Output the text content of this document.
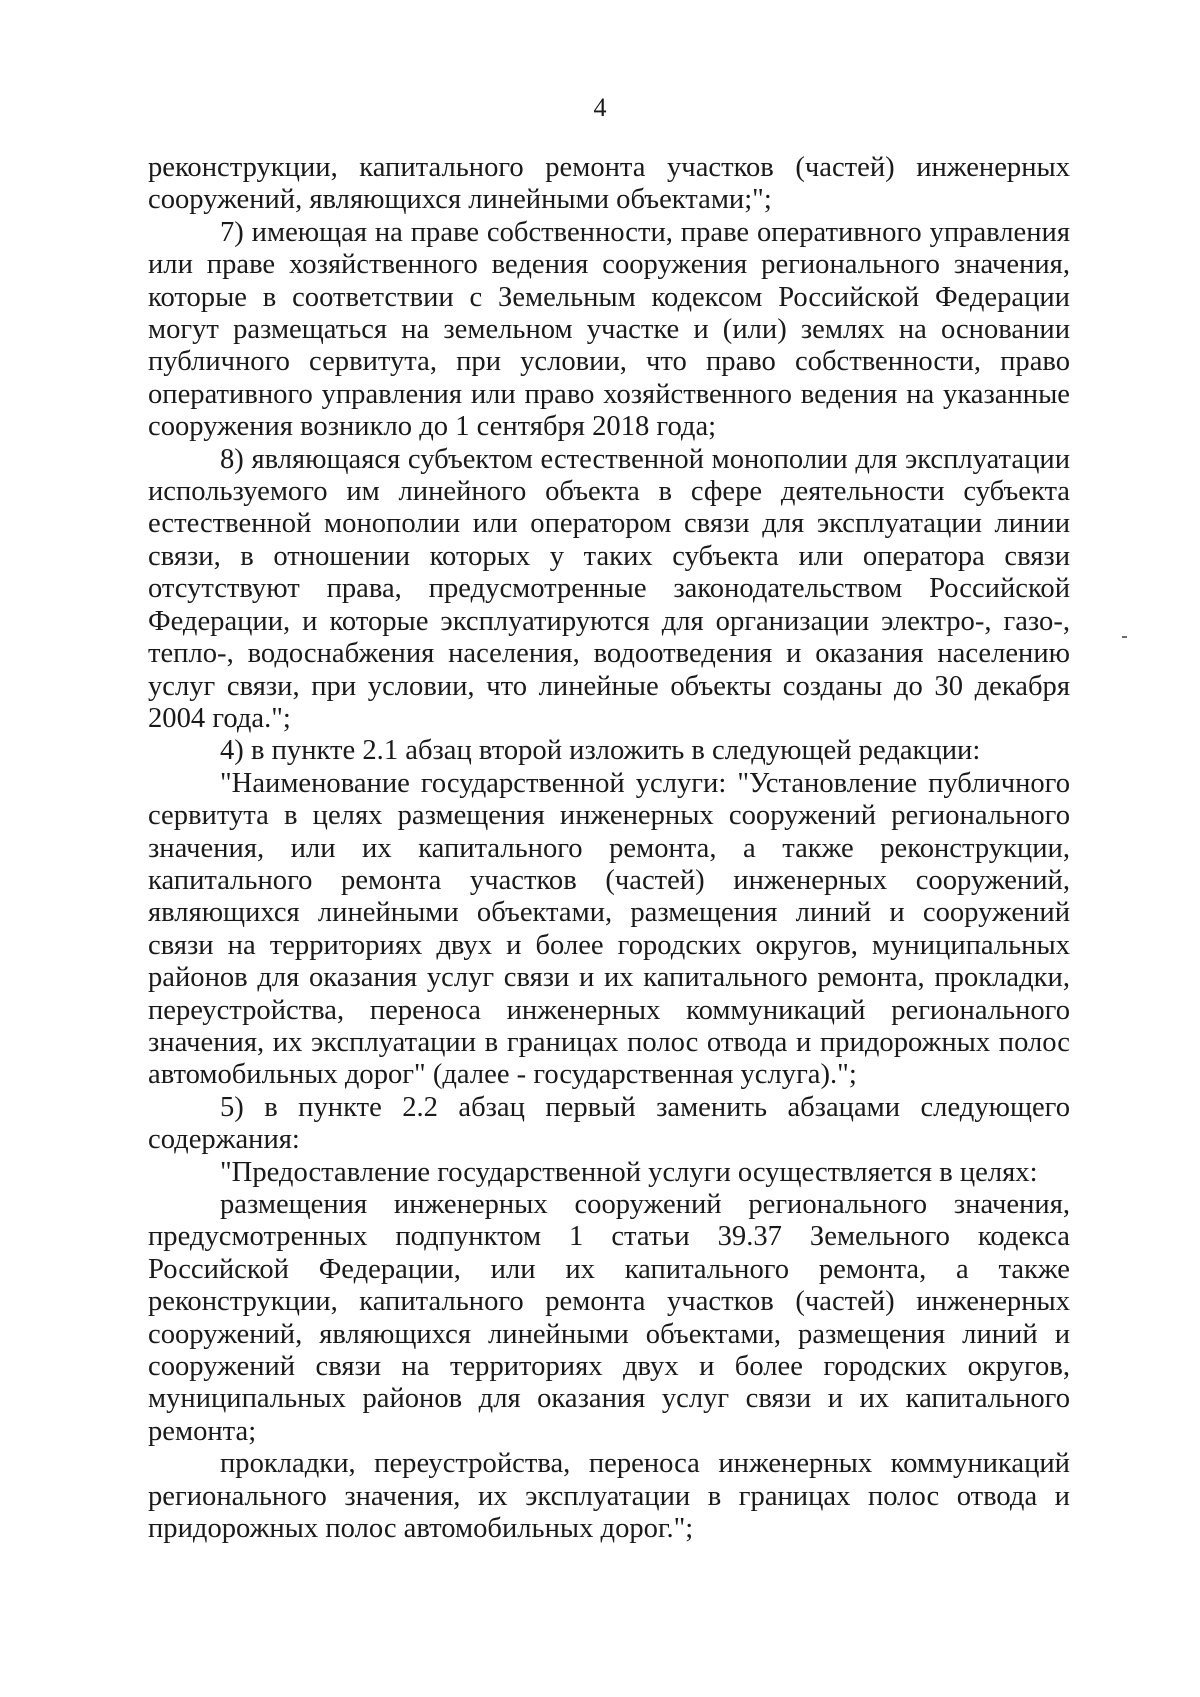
4

реконструкции, капитального ремонта участков (частей) инженерных сооружений, являющихся линейными объектами;";

7) имеющая на праве собственности, праве оперативного управления или праве хозяйственного ведения сооружения регионального значения, которые в соответствии с Земельным кодексом Российской Федерации могут размещаться на земельном участке и (или) землях на основании публичного сервитута, при условии, что право собственности, право оперативного управления или право хозяйственного ведения на указанные сооружения возникло до 1 сентября 2018 года;

8) являющаяся субъектом естественной монополии для эксплуатации используемого им линейного объекта в сфере деятельности субъекта естественной монополии или оператором связи для эксплуатации линии связи, в отношении которых у таких субъекта или оператора связи отсутствуют права, предусмотренные законодательством Российской Федерации, и которые эксплуатируются для организации электро-, газо-, тепло-, водоснабжения населения, водоотведения и оказания населению услуг связи, при условии, что линейные объекты созданы до 30 декабря 2004 года.";

4) в пункте 2.1 абзац второй изложить в следующей редакции:

"Наименование государственной услуги: "Установление публичного сервитута в целях размещения инженерных сооружений регионального значения, или их капитального ремонта, а также реконструкции, капитального ремонта участков (частей) инженерных сооружений, являющихся линейными объектами, размещения линий и сооружений связи на территориях двух и более городских округов, муниципальных районов для оказания услуг связи и их капитального ремонта, прокладки, переустройства, переноса инженерных коммуникаций регионального значения, их эксплуатации в границах полос отвода и придорожных полос автомобильных дорог" (далее - государственная услуга).";

5) в пункте 2.2 абзац первый заменить абзацами следующего содержания:

"Предоставление государственной услуги осуществляется в целях:

размещения инженерных сооружений регионального значения, предусмотренных подпунктом 1 статьи 39.37 Земельного кодекса Российской Федерации, или их капитального ремонта, а также реконструкции, капитального ремонта участков (частей) инженерных сооружений, являющихся линейными объектами, размещения линий и сооружений связи на территориях двух и более городских округов, муниципальных районов для оказания услуг связи и их капитального ремонта;

прокладки, переустройства, переноса инженерных коммуникаций регионального значения, их эксплуатации в границах полос отвода и придорожных полос автомобильных дорог.";
